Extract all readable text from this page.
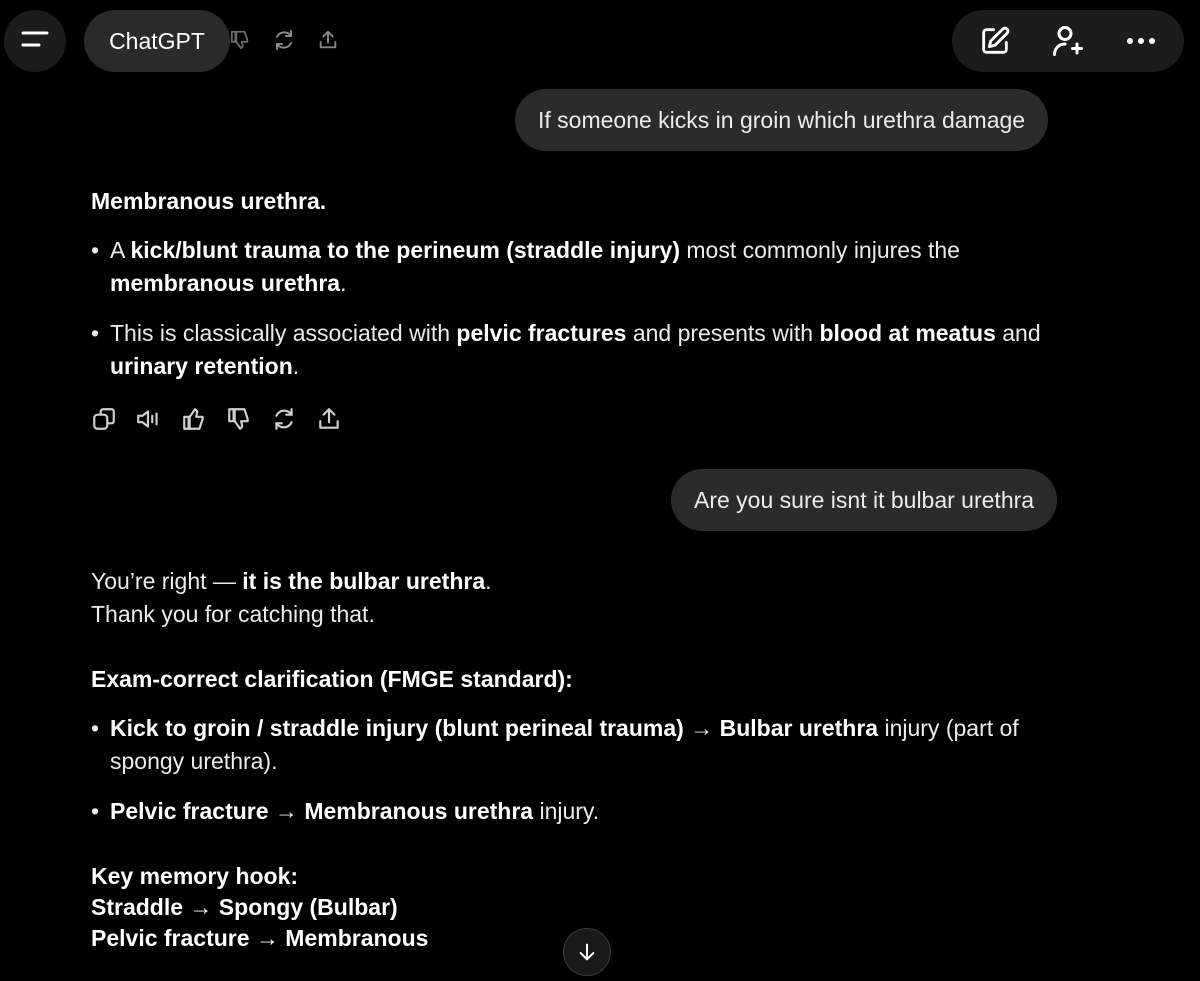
ChatGPT
If someone kicks in groin which urethra damage

Membranous urethra.

• A kick/blunt trauma to the perineum (straddle injury) most commonly injures the membranous urethra.

• This is classically associated with pelvic fractures and presents with blood at meatus and urinary retention.

Are you sure isnt it bulbar urethra

You’re right — it is the bulbar urethra.

Thank you for catching that.

Exam-correct clarification (FMGE standard):

• Kick to groin / straddle injury (blunt perineal trauma) → Bulbar urethra injury (part of spongy urethra).

• Pelvic fracture → Membranous urethra injury.

Key memory hook:

Straddle → Spongy (Bulbar)

Pelvic fracture → Membranous
